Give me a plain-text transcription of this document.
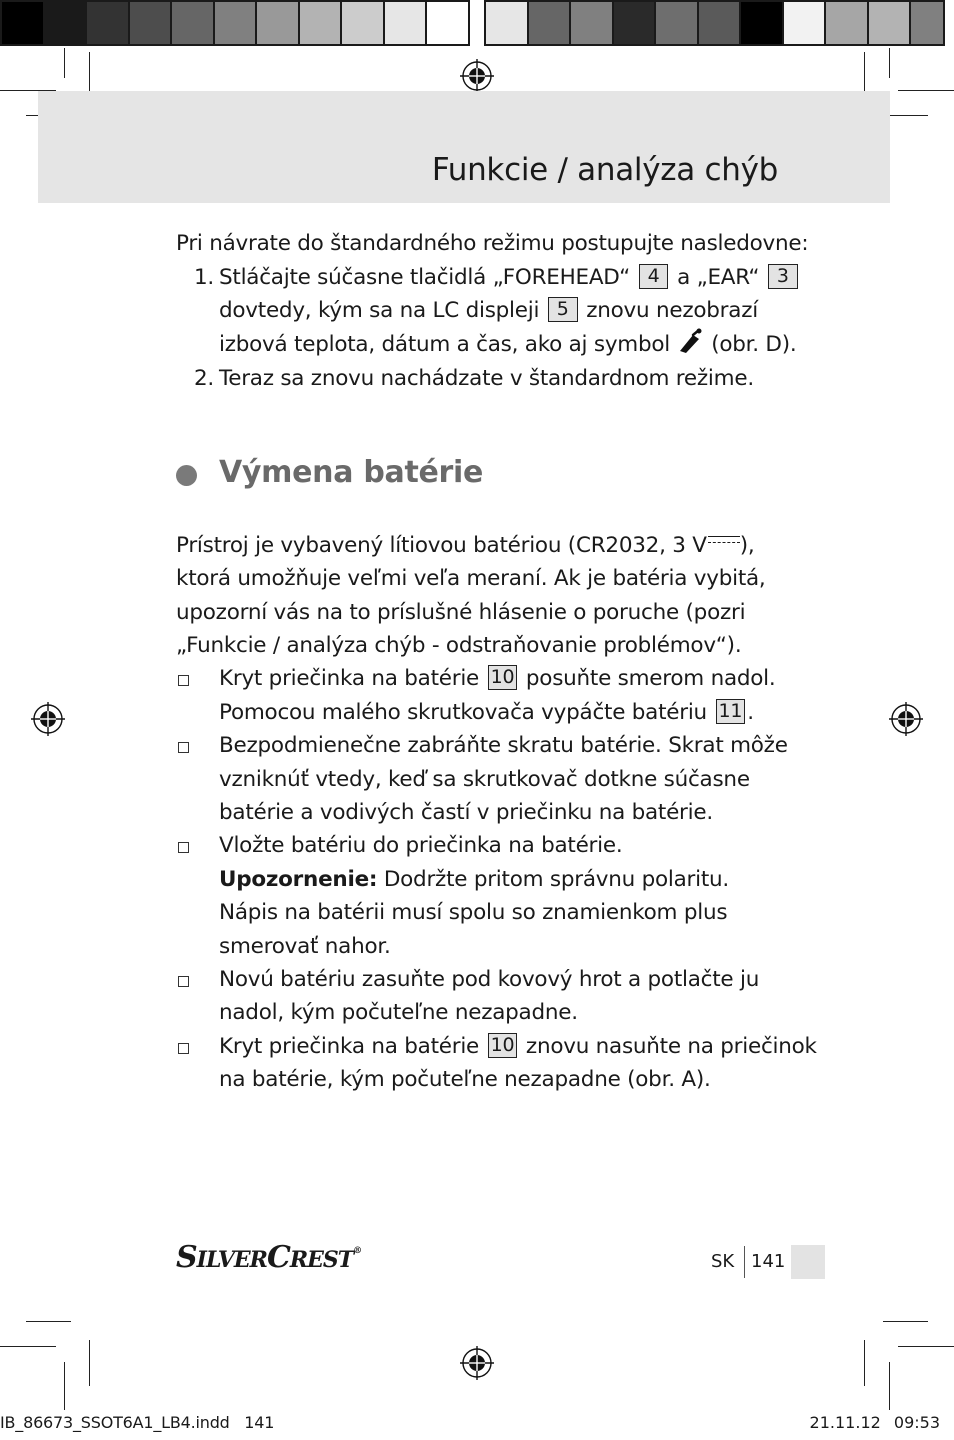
Funkcie / analýza chýb
Pri návrate do štandardného režimu postupujte nasledovne:
1. Stláčajte súčasne tlačidlá „FOREHEAD“ 4 a „EAR“ 3
dovtedy, kým sa na LC displeji 5 znovu nezobrazí
izbová teplota, dátum a čas, ako aj symbol (obr. D).
2. Teraz sa znovu nachádzate v štandardnom režime.
Výmena batérie
Prístroj je vybavený lítiovou batériou (CR2032, 3 V ),
ktorá umožňuje veľmi veľa meraní. Ak je batéria vybitá,
upozorní vás na to príslušné hlásenie o poruche (pozri
„Funkcie / analýza chýb - odstraňovanie problémov“).
Kryt priečinka na batérie 10 posuňte smerom nadol.
Pomocou malého skrutkovača vypáčte batériu 11 .
Bezpodmienečne zabráňte skratu batérie. Skrat môže
vzniknúť vtedy, keď sa skrutkovač dotkne súčasne
batérie a vodivých častí v priečinku na batérie.
Vložte batériu do priečinka na batérie.
Upozornenie: Dodržte pritom správnu polaritu.
Nápis na batérii musí spolu so znamienkom plus
smerovať nahor.
Novú batériu zasuňte pod kovový hrot a potlačte ju
nadol, kým počuteľne nezapadne.
Kryt priečinka na batérie 10 znovu nasuňte na priečinok
na batérie, kým počuteľne nezapadne (obr. A).
SILVERCREST®	SK 141
IB_86673_SSOT6A1_LB4.indd   141	21.11.12 09:53
